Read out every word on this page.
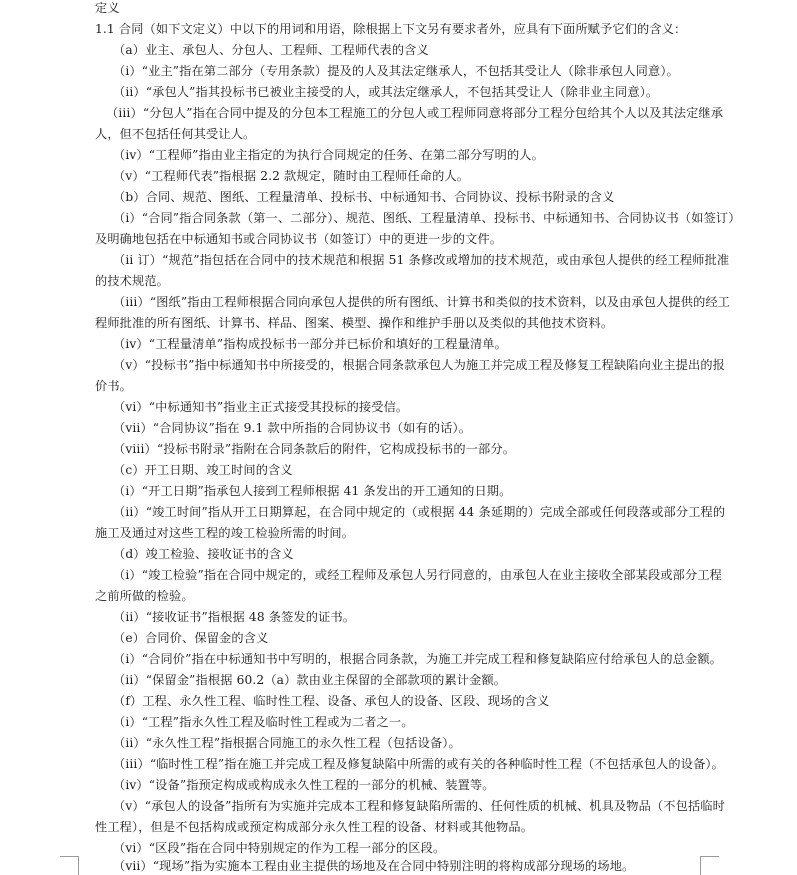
定义
1.1 合同（如下文定义）中以下的用词和用语，除根据上下文另有要求者外，应具有下面所赋予它们的含义：
（a）业主、承包人、分包人、工程师、工程师代表的含义
（i）“业主”指在第二部分（专用条款）提及的人及其法定继承人，不包括其受让人（除非承包人同意）。
（ii）“承包人”指其投标书已被业主接受的人，或其法定继承人，不包括其受让人（除非业主同意）。
（iii）“分包人”指在合同中提及的分包本工程施工的分包人或工程师同意将部分工程分包给其个人以及其法定继承
人，但不包括任何其受让人。
（iv）“工程师”指由业主指定的为执行合同规定的任务、在第二部分写明的人。
（v）“工程师代表”指根据 2.2 款规定，随时由工程师任命的人。
（b）合同、规范、图纸、工程量清单、投标书、中标通知书、合同协议、投标书附录的含义
（i）“合同”指合同条款（第一、二部分）、规范、图纸、工程量清单、投标书、中标通知书、合同协议书（如签订）
及明确地包括在中标通知书或合同协议书（如签订）中的更进一步的文件。
（ii 订）“规范”指包括在合同中的技术规范和根据 51 条修改或增加的技术规范，或由承包人提供的经工程师批准
的技术规范。
（iii）“图纸”指由工程师根据合同向承包人提供的所有图纸、计算书和类似的技术资料，以及由承包人提供的经工
程师批准的所有图纸、计算书、样品、图案、模型、操作和维护手册以及类似的其他技术资料。
（iv）“工程量清单”指构成投标书一部分并已标价和填好的工程量清单。
（v）“投标书”指中标通知书中所接受的，根据合同条款承包人为施工并完成工程及修复工程缺陷向业主提出的报
价书。
（vi）“中标通知书”指业主正式接受其投标的接受信。
（vii）“合同协议”指在 9.1 款中所指的合同协议书（如有的话）。
（viii）“投标书附录”指附在合同条款后的附件，它构成投标书的一部分。
（c）开工日期、竣工时间的含义
（i）“开工日期”指承包人接到工程师根据 41 条发出的开工通知的日期。
（ii）“竣工时间”指从开工日期算起，在合同中规定的（或根据 44 条延期的）完成全部或任何段落或部分工程的
施工及通过对这些工程的竣工检验所需的时间。
（d）竣工检验、接收证书的含义
（i）“竣工检验”指在合同中规定的，或经工程师及承包人另行同意的，由承包人在业主接收全部某段或部分工程
之前所做的检验。
（ii）“接收证书”指根据 48 条签发的证书。
（e）合同价、保留金的含义
（i）“合同价”指在中标通知书中写明的，根据合同条款，为施工并完成工程和修复缺陷应付给承包人的总金额。
（ii）“保留金”指根据 60.2（a）款由业主保留的全部款项的累计金额。
（f）工程、永久性工程、临时性工程、设备、承包人的设备、区段、现场的含义
（i）“工程”指永久性工程及临时性工程或为二者之一。
（ii）“永久性工程”指根据合同施工的永久性工程（包括设备）。
（iii）“临时性工程”指在施工并完成工程及修复缺陷中所需的或有关的各种临时性工程（不包括承包人的设备）。
（iv）“设备”指预定构成或构成永久性工程的一部分的机械、装置等。
（v）“承包人的设备”指所有为实施并完成本工程和修复缺陷所需的、任何性质的机械、机具及物品（不包括临时
性工程），但是不包括构成或预定构成部分永久性工程的设备、材料或其他物品。
（vi）“区段”指在合同中特别规定的作为工程一部分的区段。
（vii）“现场”指为实施本工程由业主提供的场地及在合同中特别注明的将构成部分现场的场地。
